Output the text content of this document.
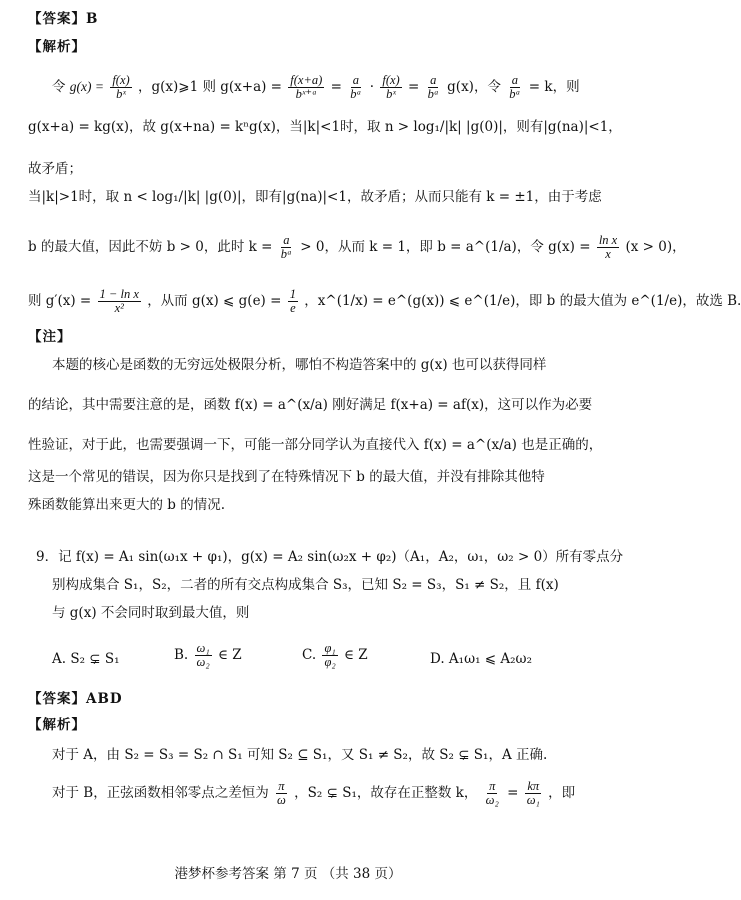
【答案】B
【解析】
令 $g(x) = \frac{f(x)}{\text{bˣ}}$ ，g(x)⩾1 则 $g(x+a) = \frac{f(x+a)}{\text{bˣ⁺ᵃ}} = \frac{a}{\text{bᵃ}} \cdot \frac{f(x)}{\text{bˣ}} = \frac{a}{\text{bᵃ}} g(x)$，令 $\frac{a}{\text{bᵃ}} = k$，则
g(x+a) = kg(x)，故 g(x+na) = kⁿg(x)，当|k|<1时，取 n > log₁/|k| |g(0)|，则有|g(na)|<1，
故矛盾；
当|k|>1时，取 n < log₁/|k| |g(0)|，即有|g(na)|<1，故矛盾；从而只能有 k = ±1，由于考虑
b 的最大值，因此不妨 b > 0，此时 $k = \frac{a}{\text{bᵃ}} > 0$，从而 k = 1，即 b = a^(1/a)，令 $g(x) = \frac{\text{ln x}}{x} (x > 0)$，
则 $g'(x) = \frac{\text{1 − ln x}}{\text{x²}}$ ，从而 g(x) ⩽ $g(e) = \frac{1}{e}$ ，x^(1/x) = e^(g(x)) ⩽ e^(1/e)，即 b 的最大值为 e^(1/e)，故选 B.
【注】
本题的核心是函数的无穷远处极限分析，哪怕不构造答案中的 g(x) 也可以获得同样
的结论，其中需要注意的是，函数 f(x) = a^(x/a) 刚好满足 f(x+a) = af(x)，这可以作为必要
性验证，对于此，也需要强调一下，可能一部分同学认为直接代入 f(x) = a^(x/a) 也是正确的，
这是一个常见的错误，因为你只是找到了在特殊情况下 b 的最大值，并没有排除其他特
殊函数能算出来更大的 b 的情况.
9．记 f(x) = A₁ sin(ω₁x + φ₁)，g(x) = A₂ sin(ω₂x + φ₂)（A₁，A₂，ω₁，ω₂ > 0）所有零点分
别构成集合 S₁，S₂，二者的所有交点构成集合 S₃，已知 S₂ = S₃，S₁ ≠ S₂，且 f(x)
与 g(x) 不会同时取到最大值，则
A. S₂ ⊊ S₁	B. $\frac{\text{ω₁}}{\text{ω₂}}$ ∈ Z	C. $\frac{\text{φ₁}}{\text{φ₂}}$ ∈ Z	D. A₁ω₁ ⩽ A₂ω₂
【答案】ABD
【解析】
对于 A，由 S₂ = S₃ = S₂ ∩ S₁ 可知 S₂ ⊆ S₁，又 S₁ ≠ S₂，故 S₂ ⊊ S₁，A 正确.
对于 B，正弦函数相邻零点之差恒为 $\frac{\pi}{\omega}$ ，S₂ ⊊ S₁，故存在正整数 k， $\frac{\pi}{\text{ω₂}} = \frac{k\pi}{\text{ω₁}}$ ，即
港梦杯参考答案 第 7 页 （共 38 页）
